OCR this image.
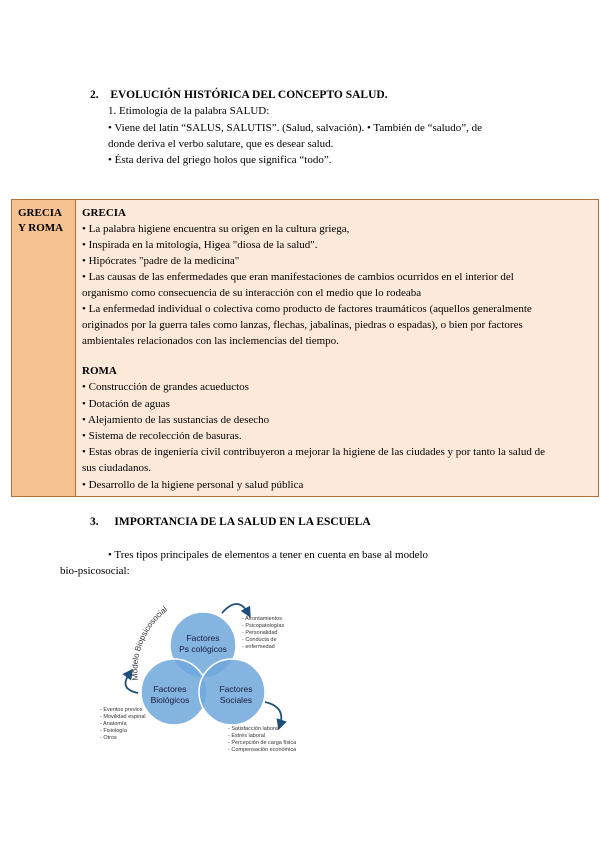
2. EVOLUCIÓN HISTÓRICA DEL CONCEPTO SALUD.
1. Etimología de la palabra SALUD:
• Viene del latín “SALUS, SALUTIS”. (Salud, salvación). • También de “saludo”, de
donde deriva el verbo salutare, que es desear salud.
• Ésta deriva del griego holos que significa “todo”.
GRECIA
Y ROMA
GRECIA
• La palabra higiene encuentra su origen en la cultura griega,
• Inspirada en la mitología, Higea "diosa de la salud".
• Hipócrates "padre de la medicina"
• Las causas de las enfermedades que eran manifestaciones de cambios ocurridos en el interior del
organismo como consecuencia de su interacción con el medio que lo rodeaba
• La enfermedad individual o colectiva como producto de factores traumáticos (aquellos generalmente
originados por la guerra tales como lanzas, flechas, jabalinas, piedras o espadas), o bien por factores
ambientales relacionados con las inclemencias del tiempo.
ROMA
• Construcción de grandes acueductos
• Dotación de aguas
• Alejamiento de las sustancias de desecho
• Sistema de recolección de basuras.
• Estas obras de ingeniería civil contribuyeron a mejorar la higiene de las ciudades y por tanto la salud de
sus ciudadanos.
• Desarrollo de la higiene personal y salud pública
3. IMPORTANCIA DE LA SALUD EN LA ESCUELA
• Tres tipos principales de elementos a tener en cuenta en base al modelo
bio-psicosocial:
Modelo Biopsicosocial
Factores
Ps cológicos
Factores
Biológicos
Factores
Sociales
- Afrontamientos
- Psicopatologías
- Personalidad
- Conducta de
- enfermedad
- Eventos previos
- Movilidad espinal
- Anatomía
- Fisiología
- Otros
- Satisfacción laboral
- Estrés laboral
- Percepción de carga física
- Compensación económica
